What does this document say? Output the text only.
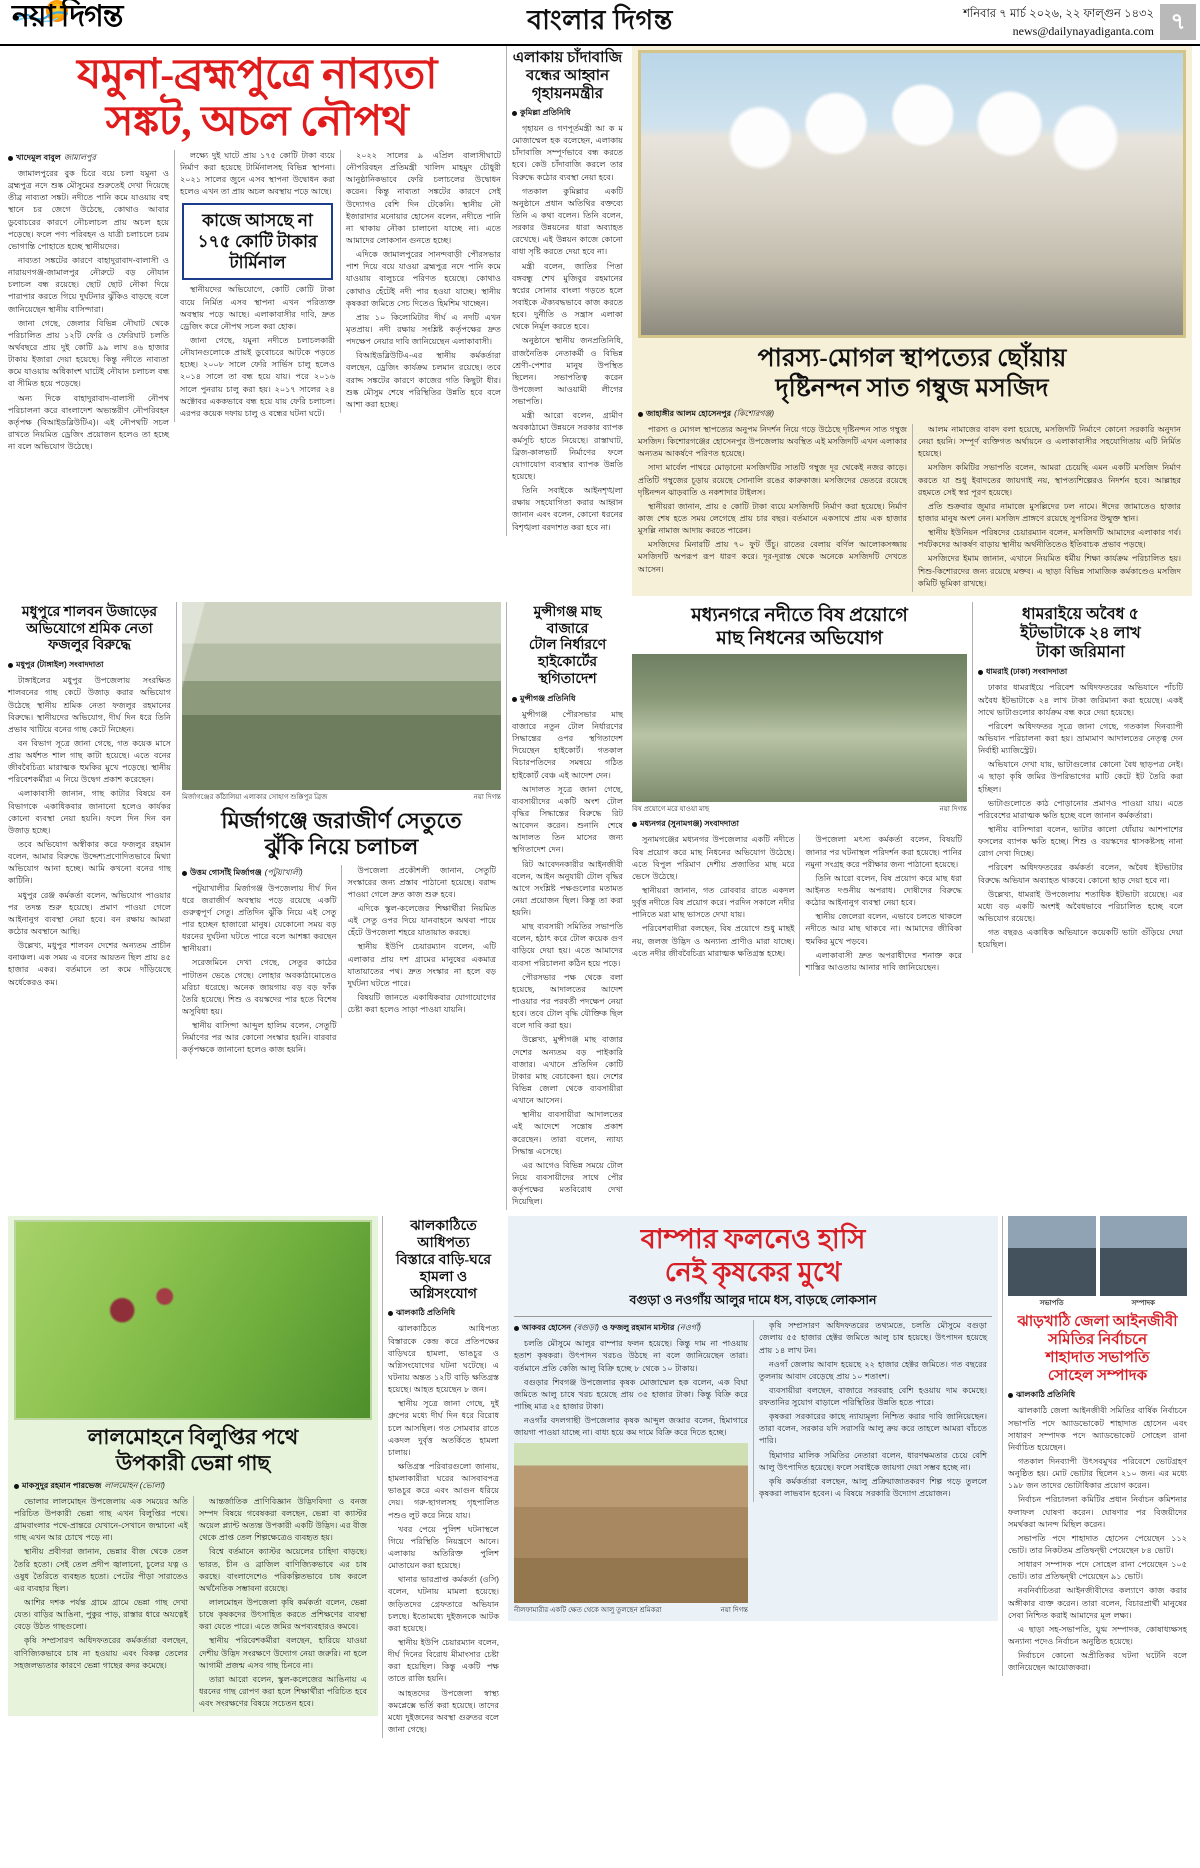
নয়া দিগন্ত	বাংলার দিগন্ত	শনিবার ৭ মার্চ ২০২৬, ২২ ফাল্গুন ১৪৩২
news@dailynayadiganta.com ৭
যমুনা-ব্রহ্মপুত্রে নাব্যতা
সঙ্কট, অচল নৌপথ
খাদেমুল বাবুল জামালপুর

জামালপুরের বুক চিরে বয়ে চলা যমুনা ও ব্রহ্মপুত্র নদে শুষ্ক মৌসুমের শুরুতেই দেখা দিয়েছে তীব্র নাব্যতা সঙ্কট। নদীতে পানি কমে যাওয়ায় বহু স্থানে চর জেগে উঠেছে, কোথাও আবার ডুবোচরের কারণে নৌচলাচল প্রায় অচল হয়ে পড়েছে। ফলে পণ্য পরিবহন ও যাত্রী চলাচলে চরম ভোগান্তি পোহাতে হচ্ছে স্থানীয়দের।

নাব্যতা সঙ্কটের কারণে বাহাদুরাবাদ-বালাসী ও নারায়ণগঞ্জ-জামালপুর নৌরুটে বড় নৌযান চলাচল বন্ধ রয়েছে। ছোট ছোট নৌকা দিয়ে পারাপার করতে গিয়ে দুর্ঘটনার ঝুঁকিও বাড়ছে বলে জানিয়েছেন স্থানীয় বাসিন্দারা।

জানা গেছে, জেলার বিভিন্ন নৌঘাট থেকে পরিচালিত প্রায় ১২টি ফেরি ও ফেরিঘাট চলতি অর্থবছরে প্রায় দুই কোটি ৯৯ লাখ ৪৬ হাজার টাকায় ইজারা দেয়া হয়েছে। কিন্তু নদীতে নাব্যতা কমে যাওয়ায় অধিকাংশ ঘাটেই নৌযান চলাচল বন্ধ বা সীমিত হয়ে পড়েছে।

অন্য দিকে বাহাদুরাবাদ-বালাসী নৌপথ পরিচালনা করে বাংলাদেশ অভ্যন্তরীণ নৌপরিবহন কর্তৃপক্ষ (বিআইডব্লিউটিএ)। এই নৌপথটি সচল রাখতে নিয়মিত ড্রেজিং প্রয়োজন হলেও তা হচ্ছে না বলে অভিযোগ উঠেছে।

লক্ষ্যে দুই ঘাটে প্রায় ১৭৫ কোটি টাকা ব্যয়ে নির্মাণ করা হয়েছে টার্মিনালসহ বিভিন্ন স্থাপনা। ২০২১ সালের জুনে এসব স্থাপনা উদ্বোধন করা হলেও এখন তা প্রায় অচল অবস্থায় পড়ে আছে।

কাজে আসছে না
১৭৫ কোটি টাকার
টার্মিনাল

স্থানীয়দের অভিযোগে, কোটি কোটি টাকা ব্যয়ে নির্মিত এসব স্থাপনা এখন পরিত্যক্ত অবস্থায় পড়ে আছে। এলাকাবাসীর দাবি, দ্রুত ড্রেজিং করে নৌপথ সচল করা হোক।

জানা গেছে, যমুনা নদীতে চলাচলকারী নৌযানগুলোকে প্রায়ই ডুবোচরে আটকে পড়তে হচ্ছে। ২০০৮ সালে ফেরি সার্ভিস চালু হলেও ২০১৪ সালে তা বন্ধ হয়ে যায়। পরে ২০১৬ সালে পুনরায় চালু করা হয়। ২০১৭ সালের ২৪ অক্টোবর এককভাবে বন্ধ হয়ে যায় ফেরি চলাচল। এরপর কয়েক দফায় চালু ও বন্ধের ঘটনা ঘটে।

২০২২ সালের ৯ এপ্রিল বালাসীঘাটে নৌপরিবহন প্রতিমন্ত্রী খালিদ মাহমুদ চৌধুরী আনুষ্ঠানিকভাবে ফেরি চলাচলের উদ্বোধন করেন। কিন্তু নাব্যতা সঙ্কটের কারণে সেই উদ্যোগও বেশি দিন টেকেনি। স্থানীয় নৌ ইজারাদার মনোয়ার হোসেন বলেন, নদীতে পানি না থাকায় নৌকা চালানো যাচ্ছে না। এতে আমাদের লোকসান গুনতে হচ্ছে।

এদিকে জামালপুরের সানন্দবাড়ী পৌরসভার পাশ দিয়ে বয়ে যাওয়া ব্রহ্মপুত্র নদে পানি কমে যাওয়ায় বালুচরে পরিণত হয়েছে। কোথাও কোথাও হেঁটেই নদী পার হওয়া যাচ্ছে। স্থানীয় কৃষকরা জমিতে সেচ দিতেও হিমশিম খাচ্ছেন।

প্রায় ১০ কিলোমিটার দীর্ঘ এ নদটি এখন মৃতপ্রায়। নদী রক্ষায় সংশ্লিষ্ট কর্তৃপক্ষের দ্রুত পদক্ষেপ নেয়ার দাবি জানিয়েছেন এলাকাবাসী।

বিআইডব্লিউটিএ-এর স্থানীয় কর্মকর্তারা বলছেন, ড্রেজিং কার্যক্রম চলমান রয়েছে। তবে বরাদ্দ সঙ্কটের কারণে কাজের গতি কিছুটা ধীর। শুষ্ক মৌসুম শেষে পরিস্থিতির উন্নতি হবে বলে আশা করা হচ্ছে।

এলাকায় চাঁদাবাজি
বন্ধের আহ্বান
গৃহায়নমন্ত্রীর
কুমিল্লা প্রতিনিধি

গৃহায়ন ও গণপূর্তমন্ত্রী আ ক ম মোজাম্মেল হক বলেছেন, এলাকায় চাঁদাবাজি সম্পূর্ণভাবে বন্ধ করতে হবে। কেউ চাঁদাবাজি করলে তার বিরুদ্ধে কঠোর ব্যবস্থা নেয়া হবে।

গতকাল কুমিল্লার একটি অনুষ্ঠানে প্রধান অতিথির বক্তব্যে তিনি এ কথা বলেন। তিনি বলেন, সরকার উন্নয়নের ধারা অব্যাহত রেখেছে। এই উন্নয়ন কাজে কোনো বাধা সৃষ্টি করতে দেয়া হবে না।

মন্ত্রী বলেন, জাতির পিতা বঙ্গবন্ধু শেখ মুজিবুর রহমানের স্বপ্নের সোনার বাংলা গড়তে হলে সবাইকে ঐক্যবদ্ধভাবে কাজ করতে হবে। দুর্নীতি ও সন্ত্রাস এলাকা থেকে নির্মূল করতে হবে।

অনুষ্ঠানে স্থানীয় জনপ্রতিনিধি, রাজনৈতিক নেতাকর্মী ও বিভিন্ন শ্রেণী-পেশার মানুষ উপস্থিত ছিলেন। সভাপতিত্ব করেন উপজেলা আওয়ামী লীগের সভাপতি।

মন্ত্রী আরো বলেন, গ্রামীণ অবকাঠামো উন্নয়নে সরকার ব্যাপক কর্মসূচি হাতে নিয়েছে। রাস্তাঘাট, ব্রিজ-কালভার্ট নির্মাণের ফলে যোগাযোগ ব্যবস্থার ব্যাপক উন্নতি হয়েছে।

তিনি সবাইকে আইনশৃঙ্খলা রক্ষায় সহযোগিতা করার আহ্বান জানান এবং বলেন, কোনো ধরনের বিশৃঙ্খলা বরদাশত করা হবে না।

পারস্য-মোগল স্থাপত্যের ছোঁয়ায়
দৃষ্টিনন্দন সাত গম্বুজ মসজিদ
জাহাঙ্গীর আলম হোসেনপুর (কিশোরগঞ্জ)

পারস্য ও মোগল স্থাপত্যের অনুপম নিদর্শন নিয়ে গড়ে উঠেছে দৃষ্টিনন্দন সাত গম্বুজ মসজিদ। কিশোরগঞ্জের হোসেনপুর উপজেলায় অবস্থিত এই মসজিদটি এখন এলাকার অন্যতম আকর্ষণে পরিণত হয়েছে।

সাদা মার্বেল পাথরে মোড়ানো মসজিদটির সাতটি গম্বুজ দূর থেকেই নজর কাড়ে। প্রতিটি গম্বুজের চূড়ায় রয়েছে সোনালি রঙের কারুকাজ। মসজিদের ভেতরে রয়েছে দৃষ্টিনন্দন ঝাড়বাতি ও নকশাদার টাইলস।

স্থানীয়রা জানান, প্রায় ৫ কোটি টাকা ব্যয়ে মসজিদটি নির্মাণ করা হয়েছে। নির্মাণ কাজ শেষ হতে সময় লেগেছে প্রায় চার বছর। বর্তমানে একসাথে প্রায় এক হাজার মুসল্লি নামাজ আদায় করতে পারেন।

মসজিদের মিনারটি প্রায় ৭০ ফুট উঁচু। রাতের বেলায় বর্ণিল আলোকসজ্জায় মসজিদটি অপরূপ রূপ ধারণ করে। দূর-দূরান্ত থেকে অনেকে মসজিদটি দেখতে আসেন।

আলম নামাজের বাবদ বলা হয়েছে, মসজিদটি নির্মাণে কোনো সরকারি অনুদান নেয়া হয়নি। সম্পূর্ণ ব্যক্তিগত অর্থায়নে ও এলাকাবাসীর সহযোগিতায় এটি নির্মিত হয়েছে।

মসজিদ কমিটির সভাপতি বলেন, আমরা চেয়েছি এমন একটি মসজিদ নির্মাণ করতে যা শুধু ইবাদতের জায়গাই নয়, স্থাপত্যশিল্পেরও নিদর্শন হবে। আল্লাহর রহমতে সেই স্বপ্ন পূরণ হয়েছে।

প্রতি শুক্রবার জুমার নামাজে মুসল্লিদের ঢল নামে। ঈদের জামাতেও হাজার হাজার মানুষ অংশ নেন। মসজিদ প্রাঙ্গণে রয়েছে সুপরিসর উন্মুক্ত স্থান।

স্থানীয় ইউনিয়ন পরিষদের চেয়ারম্যান বলেন, মসজিদটি আমাদের এলাকার গর্ব। পর্যটকদের আকর্ষণ বাড়ায় স্থানীয় অর্থনীতিতেও ইতিবাচক প্রভাব পড়ছে।

মসজিদের ইমাম জানান, এখানে নিয়মিত ধর্মীয় শিক্ষা কার্যক্রম পরিচালিত হয়। শিশু-কিশোরদের জন্য রয়েছে মক্তব। এ ছাড়া বিভিন্ন সামাজিক কর্মকাণ্ডেও মসজিদ কমিটি ভূমিকা রাখছে।

মধুপুরে শালবন উজাড়ের
অভিযোগে শ্রমিক নেতা
ফজলুর বিরুদ্ধে
মধুপুর (টাঙ্গাইল) সংবাদদাতা

টাঙ্গাইলের মধুপুর উপজেলায় সংরক্ষিত শালবনের গাছ কেটে উজাড় করার অভিযোগ উঠেছে স্থানীয় শ্রমিক নেতা ফজলুর রহমানের বিরুদ্ধে। স্থানীয়দের অভিযোগ, দীর্ঘ দিন ধরে তিনি প্রভাব খাটিয়ে বনের গাছ কেটে নিচ্ছেন।

বন বিভাগ সূত্রে জানা গেছে, গত কয়েক মাসে প্রায় অর্ধশত শাল গাছ কাটা হয়েছে। এতে বনের জীববৈচিত্র্য মারাত্মক হুমকির মুখে পড়েছে। স্থানীয় পরিবেশকর্মীরা এ নিয়ে উদ্বেগ প্রকাশ করেছেন।

এলাকাবাসী জানান, গাছ কাটার বিষয়ে বন বিভাগকে একাধিকবার জানানো হলেও কার্যকর কোনো ব্যবস্থা নেয়া হয়নি। ফলে দিন দিন বন উজাড় হচ্ছে।

তবে অভিযোগ অস্বীকার করে ফজলুর রহমান বলেন, আমার বিরুদ্ধে উদ্দেশ্যপ্রণোদিতভাবে মিথ্যা অভিযোগ আনা হচ্ছে। আমি কখনো বনের গাছ কাটিনি।

মধুপুর রেঞ্জ কর্মকর্তা বলেন, অভিযোগ পাওয়ার পর তদন্ত শুরু হয়েছে। প্রমাণ পাওয়া গেলে আইনানুগ ব্যবস্থা নেয়া হবে। বন রক্ষায় আমরা কঠোর অবস্থানে আছি।

উল্লেখ্য, মধুপুর শালবন দেশের অন্যতম প্রাচীন বনাঞ্চল। এক সময় এ বনের আয়তন ছিল প্রায় ৪৫ হাজার একর। বর্তমানে তা কমে দাঁড়িয়েছে অর্ধেকেরও কম।

মির্জাগঞ্জের কাঁঠালিয়া এলাকার সোহাগ শুক্কিপুর ব্রিজ	নয়া দিগন্ত
মির্জাগঞ্জে জরাজীর্ণ সেতুতে
ঝুঁকি নিয়ে চলাচল
উত্তম গোসাঁই মির্জাগঞ্জ (পটুয়াখালী)

পটুয়াখালীর মির্জাগঞ্জ উপজেলায় দীর্ঘ দিন ধরে জরাজীর্ণ অবস্থায় পড়ে রয়েছে একটি গুরুত্বপূর্ণ সেতু। প্রতিদিন ঝুঁকি নিয়ে এই সেতু পার হচ্ছেন হাজারো মানুষ। যেকোনো সময় বড় ধরনের দুর্ঘটনা ঘটতে পারে বলে আশঙ্কা করছেন স্থানীয়রা।

সরেজমিনে দেখা গেছে, সেতুর কাঠের পাটাতন ভেঙে গেছে। লোহার অবকাঠামোতেও মরিচা ধরেছে। অনেক জায়গায় বড় বড় ফাঁক তৈরি হয়েছে। শিশু ও বয়স্কদের পার হতে বিশেষ অসুবিধা হয়।

স্থানীয় বাসিন্দা আব্দুল হালিম বলেন, সেতুটি নির্মাণের পর আর কোনো সংস্কার হয়নি। বারবার কর্তৃপক্ষকে জানানো হলেও কাজ হয়নি।

উপজেলা প্রকৌশলী জানান, সেতুটি সংস্কারের জন্য প্রস্তাব পাঠানো হয়েছে। বরাদ্দ পাওয়া গেলে দ্রুত কাজ শুরু হবে।

এদিকে স্কুল-কলেজের শিক্ষার্থীরা নিয়মিত এই সেতু ওপর দিয়ে যানবাহনে অথবা পায়ে হেঁটে উপজেলা শহরে যাতায়াত করছে।

স্থানীয় ইউপি চেয়ারম্যান বলেন, এটি এলাকার প্রায় দশ গ্রামের মানুষের একমাত্র যাতায়াতের পথ। দ্রুত সংস্কার না হলে বড় দুর্ঘটনা ঘটতে পারে।

বিষয়টি জানতে একাধিকবার যোগাযোগের চেষ্টা করা হলেও সাড়া পাওয়া যায়নি।

মুন্সীগঞ্জ মাছ বাজারে
টোল নির্ধারণে
হাইকোর্টের স্থগিতাদেশ
মুন্সীগঞ্জ প্রতিনিধি

মুন্সীগঞ্জ পৌরসভার মাছ বাজারে নতুন টোল নির্ধারণের সিদ্ধান্তের ওপর স্থগিতাদেশ দিয়েছেন হাইকোর্ট। গতকাল বিচারপতিদের সমন্বয়ে গঠিত হাইকোর্ট বেঞ্চ এই আদেশ দেন।

আদালত সূত্রে জানা গেছে, ব্যবসায়ীদের একটি অংশ টোল বৃদ্ধির সিদ্ধান্তের বিরুদ্ধে রিট আবেদন করেন। শুনানি শেষে আদালত তিন মাসের জন্য স্থগিতাদেশ দেন।

রিট আবেদনকারীর আইনজীবী বলেন, আইন অনুযায়ী টোল বৃদ্ধির আগে সংশ্লিষ্ট পক্ষগুলোর মতামত নেয়া প্রয়োজন ছিল। কিন্তু তা করা হয়নি।

মাছ ব্যবসায়ী সমিতির সভাপতি বলেন, হঠাৎ করে টোল কয়েক গুণ বাড়িয়ে দেয়া হয়। এতে আমাদের ব্যবসা পরিচালনা কঠিন হয়ে পড়ে।

পৌরসভার পক্ষ থেকে বলা হয়েছে, আদালতের আদেশ পাওয়ার পর পরবর্তী পদক্ষেপ নেয়া হবে। তবে টোল বৃদ্ধি যৌক্তিক ছিল বলে দাবি করা হয়।

উল্লেখ্য, মুন্সীগঞ্জ মাছ বাজার দেশের অন্যতম বড় পাইকারি বাজার। এখানে প্রতিদিন কোটি টাকার মাছ বেচাকেনা হয়। দেশের বিভিন্ন জেলা থেকে ব্যবসায়ীরা এখানে আসেন।

স্থানীয় ব্যবসায়ীরা আদালতের এই আদেশে সন্তোষ প্রকাশ করেছেন। তারা বলেন, ন্যায্য সিদ্ধান্ত এসেছে।

এর আগেও বিভিন্ন সময়ে টোল নিয়ে ব্যবসায়ীদের সাথে পৌর কর্তৃপক্ষের মতবিরোধ দেখা দিয়েছিল।

মধ্যনগরে নদীতে বিষ প্রয়োগে
মাছ নিধনের অভিযোগ
বিষ প্রয়োগে মরে যাওয়া মাছ	নয়া দিগন্ত
মধ্যনগর (সুনামগঞ্জ) সংবাদদাতা

সুনামগঞ্জের মধ্যনগর উপজেলার একটি নদীতে বিষ প্রয়োগ করে মাছ নিধনের অভিযোগ উঠেছে। এতে বিপুল পরিমাণ দেশীয় প্রজাতির মাছ মরে ভেসে উঠেছে।

স্থানীয়রা জানান, গত রোববার রাতে একদল দুর্বৃত্ত নদীতে বিষ প্রয়োগ করে। পরদিন সকালে নদীর পানিতে মরা মাছ ভাসতে দেখা যায়।

পরিবেশবাদীরা বলছেন, বিষ প্রয়োগে শুধু মাছই নয়, জলজ উদ্ভিদ ও অন্যান্য প্রাণীও মারা যাচ্ছে। এতে নদীর জীববৈচিত্র্য মারাত্মক ক্ষতিগ্রস্ত হচ্ছে।

উপজেলা মৎস্য কর্মকর্তা বলেন, বিষয়টি জানার পর ঘটনাস্থল পরিদর্শন করা হয়েছে। পানির নমুনা সংগ্রহ করে পরীক্ষার জন্য পাঠানো হয়েছে।

তিনি আরো বলেন, বিষ প্রয়োগ করে মাছ ধরা আইনত দণ্ডনীয় অপরাধ। দোষীদের বিরুদ্ধে কঠোর আইনানুগ ব্যবস্থা নেয়া হবে।

স্থানীয় জেলেরা বলেন, এভাবে চলতে থাকলে নদীতে আর মাছ থাকবে না। আমাদের জীবিকা হুমকির মুখে পড়বে।

এলাকাবাসী দ্রুত অপরাধীদের শনাক্ত করে শাস্তির আওতায় আনার দাবি জানিয়েছেন।

ধামরাইয়ে অবৈধ ৫
ইটভাটাকে ২৪ লাখ
টাকা জরিমানা
ধামরাই (ঢাকা) সংবাদদাতা

ঢাকার ধামরাইয়ে পরিবেশ অধিদফতরের অভিযানে পাঁচটি অবৈধ ইটভাটাকে ২৪ লাখ টাকা জরিমানা করা হয়েছে। একই সাথে ভাটাগুলোর কার্যক্রম বন্ধ করে দেয়া হয়েছে।

পরিবেশ অধিদফতর সূত্রে জানা গেছে, গতকাল দিনব্যাপী অভিযান পরিচালনা করা হয়। ভ্রাম্যমাণ আদালতের নেতৃত্ব দেন নির্বাহী ম্যাজিস্ট্রেট।

অভিযানে দেখা যায়, ভাটাগুলোর কোনো বৈধ ছাড়পত্র নেই। এ ছাড়া কৃষি জমির উপরিভাগের মাটি কেটে ইট তৈরি করা হচ্ছিল।

ভাটাগুলোতে কাঠ পোড়ানোর প্রমাণও পাওয়া যায়। এতে পরিবেশের মারাত্মক ক্ষতি হচ্ছে বলে জানান কর্মকর্তারা।

স্থানীয় বাসিন্দারা বলেন, ভাটার কালো ধোঁয়ায় আশপাশের ফসলের ব্যাপক ক্ষতি হচ্ছে। শিশু ও বয়স্কদের শ্বাসকষ্টসহ নানা রোগ দেখা দিচ্ছে।

পরিবেশ অধিদফতরের কর্মকর্তা বলেন, অবৈধ ইটভাটার বিরুদ্ধে অভিযান অব্যাহত থাকবে। কোনো ছাড় দেয়া হবে না।

উল্লেখ্য, ধামরাই উপজেলায় শতাধিক ইটভাটা রয়েছে। এর মধ্যে বড় একটি অংশই অবৈধভাবে পরিচালিত হচ্ছে বলে অভিযোগ রয়েছে।

গত বছরও একাধিক অভিযানে কয়েকটি ভাটা গুঁড়িয়ে দেয়া হয়েছিল।

লালমোহনে বিলুপ্তির পথে
উপকারী ভেন্না গাছ
মাকসুদুর রহমান পারভেজ লালমোহন (ভোলা)

ভোলার লালমোহন উপজেলায় এক সময়ের অতি পরিচিত উপকারী ভেন্না গাছ এখন বিলুপ্তির পথে। গ্রামবাংলার পথে-প্রান্তরে যেখানে-সেখানে জন্মানো এই গাছ এখন আর চোখে পড়ে না।

স্থানীয় প্রবীণরা জানান, ভেন্নার বীজ থেকে তেল তৈরি হতো। সেই তেল প্রদীপ জ্বালানো, চুলের যত্ন ও ওষুধ তৈরিতে ব্যবহৃত হতো। পেটের পীড়া সারাতেও এর ব্যবহার ছিল।

আশির দশক পর্যন্ত গ্রামে গ্রামে ভেন্না গাছ দেখা যেত। বাড়ির আঙিনা, পুকুর পাড়, রাস্তার ধারে অযত্নেই বেড়ে উঠত গাছগুলো।

কৃষি সম্প্রসারণ অধিদফতরের কর্মকর্তারা বলছেন, বাণিজ্যিকভাবে চাষ না হওয়ায় এবং বিকল্প তেলের সহজলভ্যতার কারণে ভেন্না গাছের কদর কমেছে।

আন্তর্জাতিক প্রাণিবিজ্ঞান উদ্ভিদবিদ্যা ও বনজ সম্পদ বিষয়ে গবেষকরা বলছেন, ভেন্না বা ক্যাস্টর অয়েল প্ল্যান্ট অত্যন্ত উপকারী একটি উদ্ভিদ। এর বীজ থেকে প্রাপ্ত তেল শিল্পক্ষেত্রেও ব্যবহৃত হয়।

বিশ্বে বর্তমানে ক্যাস্টর অয়েলের চাহিদা বাড়ছে। ভারত, চীন ও ব্রাজিল বাণিজ্যিকভাবে এর চাষ করছে। বাংলাদেশেও পরিকল্পিতভাবে চাষ করলে অর্থনৈতিক সম্ভাবনা রয়েছে।

লালমোহন উপজেলা কৃষি কর্মকর্তা বলেন, ভেন্না চাষে কৃষকদের উৎসাহিত করতে প্রশিক্ষণের ব্যবস্থা করা যেতে পারে। এতে জমির অপব্যবহারও কমবে।

স্থানীয় পরিবেশকর্মীরা বলছেন, হারিয়ে যাওয়া দেশীয় উদ্ভিদ সংরক্ষণে উদ্যোগ নেয়া জরুরি। না হলে আগামী প্রজন্ম এসব গাছ চিনবে না।

তারা আরো বলেন, স্কুল-কলেজের আঙিনায় এ ধরনের গাছ রোপণ করা হলে শিক্ষার্থীরা পরিচিত হবে এবং সংরক্ষণের বিষয়ে সচেতন হবে।

ঝালকাঠিতে আধিপত্য
বিস্তারে বাড়ি-ঘরে
হামলা ও অগ্নিসংযোগ
ঝালকাঠি প্রতিনিধি

ঝালকাঠিতে আধিপত্য বিস্তারকে কেন্দ্র করে প্রতিপক্ষের বাড়িঘরে হামলা, ভাঙচুর ও অগ্নিসংযোগের ঘটনা ঘটেছে। এ ঘটনায় অন্তত ১২টি বাড়ি ক্ষতিগ্রস্ত হয়েছে। আহত হয়েছেন ৮ জন।

স্থানীয় সূত্রে জানা গেছে, দুই গ্রুপের মধ্যে দীর্ঘ দিন ধরে বিরোধ চলে আসছিল। গত সোমবার রাতে একদল দুর্বৃত্ত অতর্কিতে হামলা চালায়।

ক্ষতিগ্রস্ত পরিবারগুলো জানায়, হামলাকারীরা ঘরের আসবাবপত্র ভাঙচুর করে এবং আগুন ধরিয়ে দেয়। গরু-ছাগলসহ গৃহপালিত পশুও লুট করে নিয়ে যায়।

খবর পেয়ে পুলিশ ঘটনাস্থলে গিয়ে পরিস্থিতি নিয়ন্ত্রণে আনে। এলাকায় অতিরিক্ত পুলিশ মোতায়েন করা হয়েছে।

থানার ভারপ্রাপ্ত কর্মকর্তা (ওসি) বলেন, ঘটনায় মামলা হয়েছে। জড়িতদের গ্রেফতারে অভিযান চলছে। ইতোমধ্যে দুইজনকে আটক করা হয়েছে।

স্থানীয় ইউপি চেয়ারম্যান বলেন, দীর্ঘ দিনের বিরোধ মীমাংসার চেষ্টা করা হয়েছিল। কিন্তু একটি পক্ষ তাতে রাজি হয়নি।

আহতদের উপজেলা স্বাস্থ্য কমপ্লেক্সে ভর্তি করা হয়েছে। তাদের মধ্যে দুইজনের অবস্থা গুরুতর বলে জানা গেছে।

বাম্পার ফলনেও হাসি
নেই কৃষকের মুখে
বগুড়া ও নওগাঁয় আলুর দামে ধস, বাড়ছে লোকসান
আকবর হোসেন (বগুড়া) ও ফজলু রহমান মাস্টার (নওগাঁ)

চলতি মৌসুমে আলুর বাম্পার ফলন হয়েছে। কিন্তু দাম না পাওয়ায় হতাশ কৃষকরা। উৎপাদন খরচও উঠছে না বলে জানিয়েছেন তারা। বর্তমানে প্রতি কেজি আলু বিক্রি হচ্ছে ৮ থেকে ১০ টাকায়।

বগুড়ার শিবগঞ্জ উপজেলার কৃষক মোজাম্মেল হক বলেন, এক বিঘা জমিতে আলু চাষে খরচ হয়েছে প্রায় ৩৫ হাজার টাকা। কিন্তু বিক্রি করে পাচ্ছি মাত্র ২৫ হাজার টাকা।

নওগাঁর বদলগাছী উপজেলার কৃষক আব্দুল জব্বার বলেন, হিমাগারে জায়গা পাওয়া যাচ্ছে না। বাধ্য হয়ে কম দামে বিক্রি করে দিতে হচ্ছে।

নীলফামারীর একটি ক্ষেত থেকে আলু তুলছেন শ্রমিকরা	নয়া দিগন্ত

কৃষি সম্প্রসারণ অধিদফতরের তথ্যমতে, চলতি মৌসুমে বগুড়া জেলায় ৫৫ হাজার হেক্টর জমিতে আলু চাষ হয়েছে। উৎপাদন হয়েছে প্রায় ১৪ লাখ টন।

নওগাঁ জেলায় আবাদ হয়েছে ২২ হাজার হেক্টর জমিতে। গত বছরের তুলনায় আবাদ বেড়েছে প্রায় ১০ শতাংশ।

ব্যবসায়ীরা বলছেন, বাজারে সরবরাহ বেশি হওয়ায় দাম কমেছে। রফতানির সুযোগ বাড়ালে পরিস্থিতির উন্নতি হতে পারে।

কৃষকরা সরকারের কাছে ন্যায্যমূল্য নিশ্চিত করার দাবি জানিয়েছেন। তারা বলেন, সরকার যদি সরাসরি আলু ক্রয় করে তাহলে আমরা বাঁচতে পারি।

হিমাগার মালিক সমিতির নেতারা বলেন, ধারণক্ষমতার চেয়ে বেশি আলু উৎপাদিত হয়েছে। ফলে সবাইকে জায়গা দেয়া সম্ভব হচ্ছে না।

কৃষি কর্মকর্তারা বলছেন, আলু প্রক্রিয়াজাতকরণ শিল্প গড়ে তুললে কৃষকরা লাভবান হবেন। এ বিষয়ে সরকারি উদ্যোগ প্রয়োজন।

সভাপতি	সম্পাদক
ঝাড়খাঠি জেলা আইনজীবী
সমিতির নির্বাচনে
শাহাদাত সভাপতি
সোহেল সম্পাদক
ঝালকাঠি প্রতিনিধি

ঝালকাঠি জেলা আইনজীবী সমিতির বার্ষিক নির্বাচনে সভাপতি পদে অ্যাডভোকেট শাহাদাত হোসেন এবং সাধারণ সম্পাদক পদে অ্যাডভোকেট সোহেল রানা নির্বাচিত হয়েছেন।

গতকাল দিনব্যাপী উৎসবমুখর পরিবেশে ভোটগ্রহণ অনুষ্ঠিত হয়। মোট ভোটার ছিলেন ২১০ জন। এর মধ্যে ১৯৮ জন তাদের ভোটাধিকার প্রয়োগ করেন।

নির্বাচন পরিচালনা কমিটির প্রধান নির্বাচন কমিশনার ফলাফল ঘোষণা করেন। ঘোষণার পর বিজয়ীদের সমর্থকরা আনন্দ মিছিল করেন।

সভাপতি পদে শাহাদাত হোসেন পেয়েছেন ১১২ ভোট। তার নিকটতম প্রতিদ্বন্দ্বী পেয়েছেন ৮৪ ভোট।

সাধারণ সম্পাদক পদে সোহেল রানা পেয়েছেন ১০৫ ভোট। তার প্রতিদ্বন্দ্বী পেয়েছেন ৯১ ভোট।

নবনির্বাচিতরা আইনজীবীদের কল্যাণে কাজ করার অঙ্গীকার ব্যক্ত করেন। তারা বলেন, বিচারপ্রার্থী মানুষের সেবা নিশ্চিত করাই আমাদের মূল লক্ষ্য।

এ ছাড়া সহ-সভাপতি, যুগ্ম সম্পাদক, কোষাধ্যক্ষসহ অন্যান্য পদেও নির্বাচন অনুষ্ঠিত হয়েছে।

নির্বাচনে কোনো অপ্রীতিকর ঘটনা ঘটেনি বলে জানিয়েছেন আয়োজকরা।
